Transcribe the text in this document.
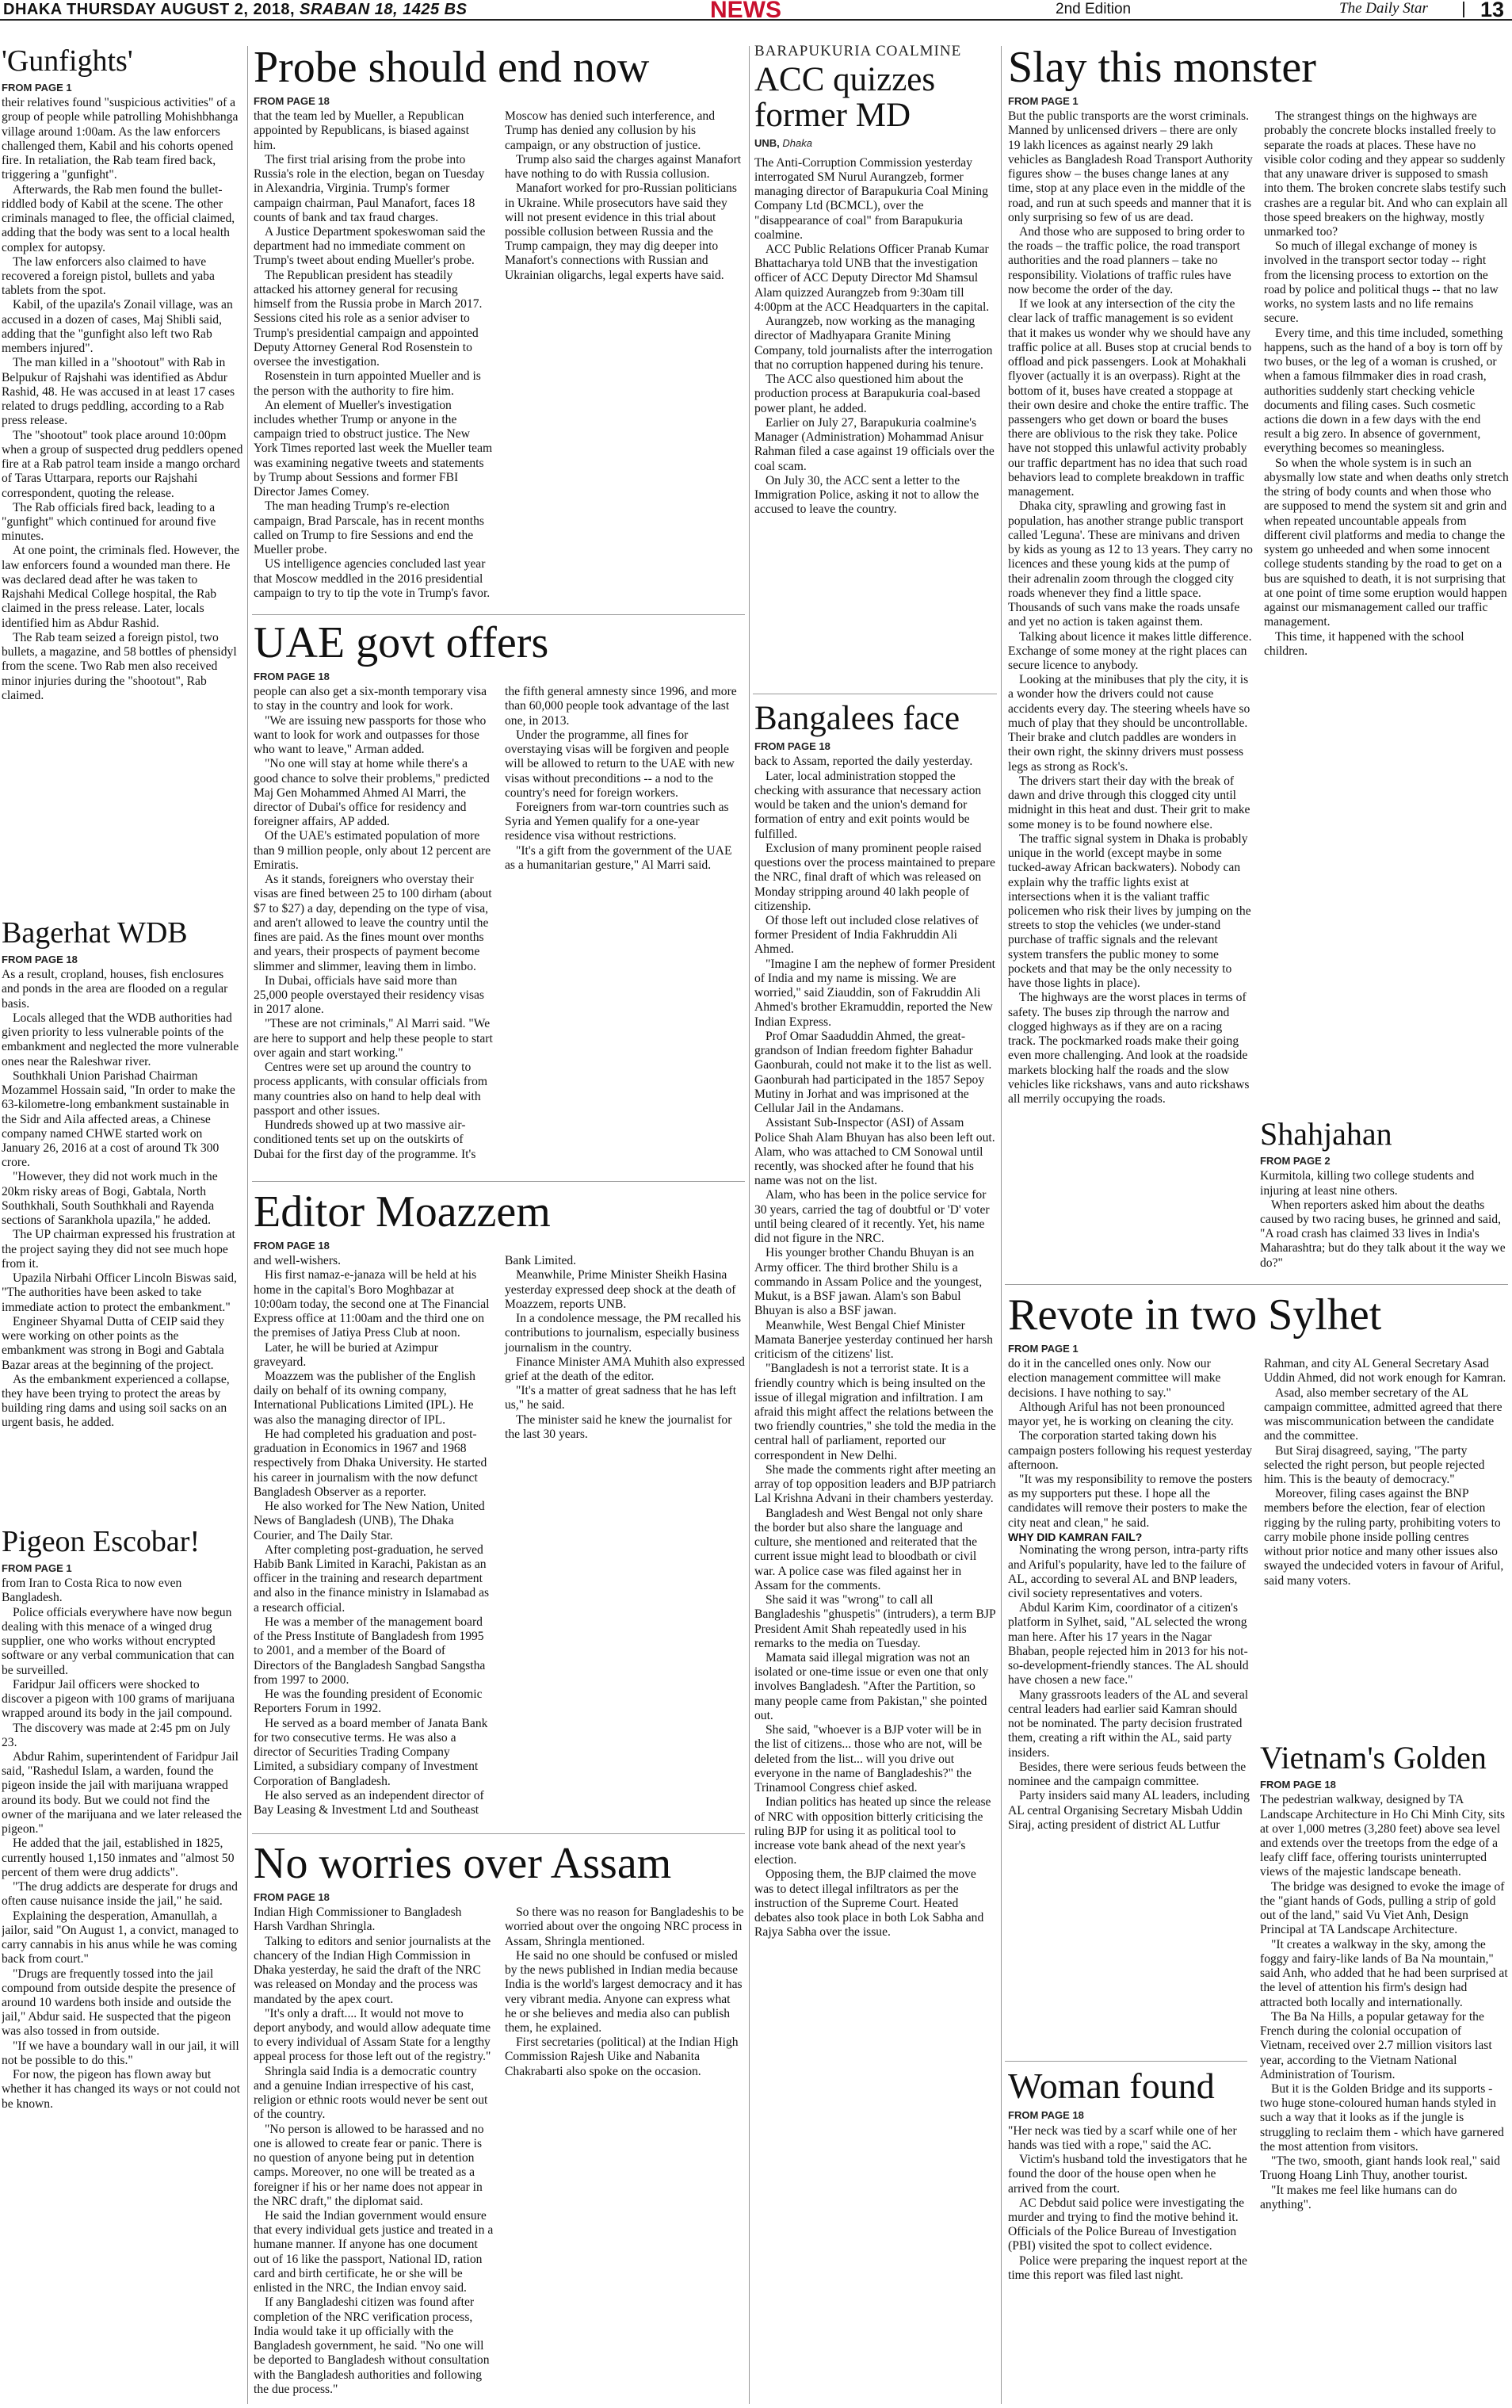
DHAKA THURSDAY AUGUST 2, 2018, SRABAN 18, 1425 BS	NEWS	2nd Edition	The Daily Star 13
'Gunfights'
FROM PAGE 1

their relatives found "suspicious activities" of a group of people while patrolling Mohishbhanga village around 1:00am. As the law enforcers challenged them, Kabil and his cohorts opened fire. In retaliation, the Rab team fired back, triggering a "gunfight".

Afterwards, the Rab men found the bullet-riddled body of Kabil at the scene. The other criminals managed to flee, the official claimed, adding that the body was sent to a local health complex for autopsy.

The law enforcers also claimed to have recovered a foreign pistol, bullets and yaba tablets from the spot.

Kabil, of the upazila's Zonail village, was an accused in a dozen of cases, Maj Shibli said, adding that the "gunfight also left two Rab members injured".

The man killed in a "shootout" with Rab in Belpukur of Rajshahi was identified as Abdur Rashid, 48. He was accused in at least 17 cases related to drugs peddling, according to a Rab press release.

The "shootout" took place around 10:00pm when a group of suspected drug peddlers opened fire at a Rab patrol team inside a mango orchard of Taras Uttarpara, reports our Rajshahi correspondent, quoting the release.

The Rab officials fired back, leading to a "gunfight" which continued for around five minutes.

At one point, the criminals fled. However, the law enforcers found a wounded man there. He was declared dead after he was taken to Rajshahi Medical College hospital, the Rab claimed in the press release. Later, locals identified him as Abdur Rashid.

The Rab team seized a foreign pistol, two bullets, a magazine, and 58 bottles of phensidyl from the scene. Two Rab men also received minor injuries during the "shootout", Rab claimed.

Bagerhat WDB
FROM PAGE 18

As a result, cropland, houses, fish enclosures and ponds in the area are flooded on a regular basis.

Locals alleged that the WDB authorities had given priority to less vulnerable points of the embankment and neglected the more vulnerable ones near the Raleshwar river.

Southkhali Union Parishad Chairman Mozammel Hossain said, "In order to make the 63-kilometre-long embankment sustainable in the Sidr and Aila affected areas, a Chinese company named CHWE started work on January 26, 2016 at a cost of around Tk 300 crore.

"However, they did not work much in the 20km risky areas of Bogi, Gabtala, North Southkhali, South Southkhali and Rayenda sections of Sarankhola upazila," he added.

The UP chairman expressed his frustration at the project saying they did not see much hope from it.

Upazila Nirbahi Officer Lincoln Biswas said, "The authorities have been asked to take immediate action to protect the embankment."

Engineer Shyamal Dutta of CEIP said they were working on other points as the embankment was strong in Bogi and Gabtala Bazar areas at the beginning of the project.

As the embankment experienced a collapse, they have been trying to protect the areas by building ring dams and using soil sacks on an urgent basis, he added.

Pigeon Escobar!
FROM PAGE 1

from Iran to Costa Rica to now even Bangladesh.

Police officials everywhere have now begun dealing with this menace of a winged drug supplier, one who works without encrypted software or any verbal communication that can be surveilled.

Faridpur Jail officers were shocked to discover a pigeon with 100 grams of marijuana wrapped around its body in the jail compound.

The discovery was made at 2:45 pm on July 23.

Abdur Rahim, superintendent of Faridpur Jail said, "Rashedul Islam, a warden, found the pigeon inside the jail with marijuana wrapped around its body. But we could not find the owner of the marijuana and we later released the pigeon."

He added that the jail, established in 1825, currently housed 1,150 inmates and "almost 50 percent of them were drug addicts".

"The drug addicts are desperate for drugs and often cause nuisance inside the jail," he said.

Explaining the desperation, Amanullah, a jailor, said "On August 1, a convict, managed to carry cannabis in his anus while he was coming back from court."

"Drugs are frequently tossed into the jail compound from outside despite the presence of around 10 wardens both inside and outside the jail," Abdur said. He suspected that the pigeon was also tossed in from outside.

"If we have a boundary wall in our jail, it will not be possible to do this."

For now, the pigeon has flown away but whether it has changed its ways or not could not be known.

Probe should end now
FROM PAGE 18

that the team led by Mueller, a Republican appointed by Republicans, is biased against him.

The first trial arising from the probe into Russia's role in the election, began on Tuesday in Alexandria, Virginia. Trump's former campaign chairman, Paul Manafort, faces 18 counts of bank and tax fraud charges.

A Justice Department spokeswoman said the department had no immediate comment on Trump's tweet about ending Mueller's probe.

The Republican president has steadily attacked his attorney general for recusing himself from the Russia probe in March 2017. Sessions cited his role as a senior adviser to Trump's presidential campaign and appointed Deputy Attorney General Rod Rosenstein to oversee the investigation.

Rosenstein in turn appointed Mueller and is the person with the authority to fire him.

An element of Mueller's investigation includes whether Trump or anyone in the campaign tried to obstruct justice. The New York Times reported last week the Mueller team was examining negative tweets and statements by Trump about Sessions and former FBI Director James Comey.

The man heading Trump's re-election campaign, Brad Parscale, has in recent months called on Trump to fire Sessions and end the Mueller probe.

US intelligence agencies concluded last year that Moscow meddled in the 2016 presidential campaign to try to tip the vote in Trump's favor. Moscow has denied such interference, and Trump has denied any collusion by his campaign, or any obstruction of justice.

Trump also said the charges against Manafort have nothing to do with Russia collusion.

Manafort worked for pro-Russian politicians in Ukraine. While prosecutors have said they will not present evidence in this trial about possible collusion between Russia and the Trump campaign, they may dig deeper into Manafort's connections with Russian and Ukrainian oligarchs, legal experts have said.

UAE govt offers
FROM PAGE 18

people can also get a six-month temporary visa to stay in the country and look for work.

"We are issuing new passports for those who want to look for work and outpasses for those who want to leave," Arman added.

"No one will stay at home while there's a good chance to solve their problems," predicted Maj Gen Mohammed Ahmed Al Marri, the director of Dubai's office for residency and foreigner affairs, AP added.

Of the UAE's estimated population of more than 9 million people, only about 12 percent are Emiratis.

As it stands, foreigners who overstay their visas are fined between 25 to 100 dirham (about $7 to $27) a day, depending on the type of visa, and aren't allowed to leave the country until the fines are paid. As the fines mount over months and years, their prospects of payment become slimmer and slimmer, leaving them in limbo.

In Dubai, officials have said more than 25,000 people overstayed their residency visas in 2017 alone.

"These are not criminals," Al Marri said. "We are here to support and help these people to start over again and start working."

Centres were set up around the country to process applicants, with consular officials from many countries also on hand to help deal with passport and other issues.

Hundreds showed up at two massive air-conditioned tents set up on the outskirts of Dubai for the first day of the programme. It's the fifth general amnesty since 1996, and more than 60,000 people took advantage of the last one, in 2013.

Under the programme, all fines for overstaying visas will be forgiven and people will be allowed to return to the UAE with new visas without preconditions -- a nod to the country's need for foreign workers.

Foreigners from war-torn countries such as Syria and Yemen qualify for a one-year residence visa without restrictions.

"It's a gift from the government of the UAE as a humanitarian gesture," Al Marri said.

Editor Moazzem
FROM PAGE 18

and well-wishers.

His first namaz-e-janaza will be held at his home in the capital's Boro Moghbazar at 10:00am today, the second one at The Financial Express office at 11:00am and the third one on the premises of Jatiya Press Club at noon.

Later, he will be buried at Azimpur graveyard.

Moazzem was the publisher of the English daily on behalf of its owning company, International Publications Limited (IPL). He was also the managing director of IPL.

He had completed his graduation and post-graduation in Economics in 1967 and 1968 respectively from Dhaka University. He started his career in journalism with the now defunct Bangladesh Observer as a reporter.

He also worked for The New Nation, United News of Bangladesh (UNB), The Dhaka Courier, and The Daily Star.

After completing post-graduation, he served Habib Bank Limited in Karachi, Pakistan as an officer in the training and research department and also in the finance ministry in Islamabad as a research official.

He was a member of the management board of the Press Institute of Bangladesh from 1995 to 2001, and a member of the Board of Directors of the Bangladesh Sangbad Sangstha from 1997 to 2000.

He was the founding president of Economic Reporters Forum in 1992.

He served as a board member of Janata Bank for two consecutive terms. He was also a director of Securities Trading Company Limited, a subsidiary company of Investment Corporation of Bangladesh.

He also served as an independent director of Bay Leasing & Investment Ltd and Southeast Bank Limited.

Meanwhile, Prime Minister Sheikh Hasina yesterday expressed deep shock at the death of Moazzem, reports UNB.

In a condolence message, the PM recalled his contributions to journalism, especially business journalism in the country.

Finance Minister AMA Muhith also expressed grief at the death of the editor.

"It's a matter of great sadness that he has left us," he said.

The minister said he knew the journalist for the last 30 years.

No worries over Assam
FROM PAGE 18

Indian High Commissioner to Bangladesh Harsh Vardhan Shringla.

Talking to editors and senior journalists at the chancery of the Indian High Commission in Dhaka yesterday, he said the draft of the NRC was released on Monday and the process was mandated by the apex court.

"It's only a draft.... It would not move to deport anybody, and would allow adequate time to every individual of Assam State for a lengthy appeal process for those left out of the registry."

Shringla said India is a democratic country and a genuine Indian irrespective of his cast, religion or ethnic roots would never be sent out of the country.

"No person is allowed to be harassed and no one is allowed to create fear or panic. There is no question of anyone being put in detention camps. Moreover, no one will be treated as a foreigner if his or her name does not appear in the NRC draft," the diplomat said.

He said the Indian government would ensure that every individual gets justice and treated in a humane manner. If anyone has one document out of 16 like the passport, National ID, ration card and birth certificate, he or she will be enlisted in the NRC, the Indian envoy said.

If any Bangladeshi citizen was found after completion of the NRC verification process, India would take it up officially with the Bangladesh government, he said. "No one will be deported to Bangladesh without consultation with the Bangladesh authorities and following the due process."

So there was no reason for Bangladeshis to be worried about over the ongoing NRC process in Assam, Shringla mentioned.

He said no one should be confused or misled by the news published in Indian media because India is the world's largest democracy and it has very vibrant media. Anyone can express what he or she believes and media also can publish them, he explained.

First secretaries (political) at the Indian High Commission Rajesh Uike and Nabanita Chakrabarti also spoke on the occasion.

BARAPUKURIA COALMINE
ACC quizzes former MD
UNB, Dhaka

The Anti-Corruption Commission yesterday interrogated SM Nurul Aurangzeb, former managing director of Barapukuria Coal Mining Company Ltd (BCMCL), over the "disappearance of coal" from Barapukuria coalmine.

ACC Public Relations Officer Pranab Kumar Bhattacharya told UNB that the investigation officer of ACC Deputy Director Md Shamsul Alam quizzed Aurangzeb from 9:30am till 4:00pm at the ACC Headquarters in the capital.

Aurangzeb, now working as the managing director of Madhyapara Granite Mining Company, told journalists after the interrogation that no corruption happened during his tenure.

The ACC also questioned him about the production process at Barapukuria coal-based power plant, he added.

Earlier on July 27, Barapukuria coalmine's Manager (Administration) Mohammad Anisur Rahman filed a case against 19 officials over the coal scam.

On July 30, the ACC sent a letter to the Immigration Police, asking it not to allow the accused to leave the country.

Bangalees face
FROM PAGE 18

back to Assam, reported the daily yesterday.

Later, local administration stopped the checking with assurance that necessary action would be taken and the union's demand for formation of entry and exit points would be fulfilled.

Exclusion of many prominent people raised questions over the process maintained to prepare the NRC, final draft of which was released on Monday stripping around 40 lakh people of citizenship.

Of those left out included close relatives of former President of India Fakhruddin Ali Ahmed.

"Imagine I am the nephew of former President of India and my name is missing. We are worried," said Ziauddin, son of Fakruddin Ali Ahmed's brother Ekramuddin, reported the New Indian Express.

Prof Omar Saaduddin Ahmed, the great-grandson of Indian freedom fighter Bahadur Gaonburah, could not make it to the list as well. Gaonburah had participated in the 1857 Sepoy Mutiny in Jorhat and was imprisoned at the Cellular Jail in the Andamans.

Assistant Sub-Inspector (ASI) of Assam Police Shah Alam Bhuyan has also been left out. Alam, who was attached to CM Sonowal until recently, was shocked after he found that his name was not on the list.

Alam, who has been in the police service for 30 years, carried the tag of doubtful or 'D' voter until being cleared of it recently. Yet, his name did not figure in the NRC.

His younger brother Chandu Bhuyan is an Army officer. The third brother Shilu is a commando in Assam Police and the youngest, Mukut, is a BSF jawan. Alam's son Babul Bhuyan is also a BSF jawan.

Meanwhile, West Bengal Chief Minister Mamata Banerjee yesterday continued her harsh criticism of the citizens' list.

"Bangladesh is not a terrorist state. It is a friendly country which is being insulted on the issue of illegal migration and infiltration. I am afraid this might affect the relations between the two friendly countries," she told the media in the central hall of parliament, reported our correspondent in New Delhi.

She made the comments right after meeting an array of top opposition leaders and BJP patriarch Lal Krishna Advani in their chambers yesterday.

Bangladesh and West Bengal not only share the border but also share the language and culture, she mentioned and reiterated that the current issue might lead to bloodbath or civil war. A police case was filed against her in Assam for the comments.

She said it was "wrong" to call all Bangladeshis "ghuspetis" (intruders), a term BJP President Amit Shah repeatedly used in his remarks to the media on Tuesday.

Mamata said illegal migration was not an isolated or one-time issue or even one that only involves Bangladesh. "After the Partition, so many people came from Pakistan," she pointed out.

She said, "whoever is a BJP voter will be in the list of citizens... those who are not, will be deleted from the list... will you drive out everyone in the name of Bangladeshis?" the Trinamool Congress chief asked.

Indian politics has heated up since the release of NRC with opposition bitterly criticising the ruling BJP for using it as political tool to increase vote bank ahead of the next year's election.

Opposing them, the BJP claimed the move was to detect illegal infiltrators as per the instruction of the Supreme Court. Heated debates also took place in both Lok Sabha and Rajya Sabha over the issue.

Slay this monster
FROM PAGE 1

But the public transports are the worst criminals. Manned by unlicensed drivers – there are only 19 lakh licences as against nearly 29 lakh vehicles as Bangladesh Road Transport Authority figures show – the buses change lanes at any time, stop at any place even in the middle of the road, and run at such speeds and manner that it is only surprising so few of us are dead.

And those who are supposed to bring order to the roads – the traffic police, the road transport authorities and the road planners – take no responsibility. Violations of traffic rules have now become the order of the day.

If we look at any intersection of the city the clear lack of traffic management is so evident that it makes us wonder why we should have any traffic police at all. Buses stop at crucial bends to offload and pick passengers. Look at Mohakhali flyover (actually it is an overpass). Right at the bottom of it, buses have created a stoppage at their own desire and choke the entire traffic. The passengers who get down or board the buses there are oblivious to the risk they take. Police have not stopped this unlawful activity probably our traffic department has no idea that such road behaviors lead to complete breakdown in traffic management.

Dhaka city, sprawling and growing fast in population, has another strange public transport called 'Leguna'. These are minivans and driven by kids as young as 12 to 13 years. They carry no licences and these young kids at the pump of their adrenalin zoom through the clogged city roads whenever they find a little space. Thousands of such vans make the roads unsafe and yet no action is taken against them.

Talking about licence it makes little difference. Exchange of some money at the right places can secure licence to anybody.

Looking at the minibuses that ply the city, it is a wonder how the drivers could not cause accidents every day. The steering wheels have so much of play that they should be uncontrollable. Their brake and clutch paddles are wonders in their own right, the skinny drivers must possess legs as strong as Rock's.

The drivers start their day with the break of dawn and drive through this clogged city until midnight in this heat and dust. Their grit to make some money is to be found nowhere else.

The traffic signal system in Dhaka is probably unique in the world (except maybe in some tucked-away African backwaters). Nobody can explain why the traffic lights exist at intersections when it is the valiant traffic policemen who risk their lives by jumping on the streets to stop the vehicles (we under-stand purchase of traffic signals and the relevant system transfers the public money to some pockets and that may be the only necessity to have those lights in place).

The highways are the worst places in terms of safety. The buses zip through the narrow and clogged highways as if they are on a racing track. The pockmarked roads make their going even more challenging. And look at the roadside markets blocking half the roads and the slow vehicles like rickshaws, vans and auto rickshaws all merrily occupying the roads.

The strangest things on the highways are probably the concrete blocks installed freely to separate the roads at places. These have no visible color coding and they appear so suddenly that any unaware driver is supposed to smash into them. The broken concrete slabs testify such crashes are a regular bit. And who can explain all those speed breakers on the highway, mostly unmarked too?

So much of illegal exchange of money is involved in the transport sector today -- right from the licensing process to extortion on the road by police and political thugs -- that no law works, no system lasts and no life remains secure.

Every time, and this time included, something happens, such as the hand of a boy is torn off by two buses, or the leg of a woman is crushed, or when a famous filmmaker dies in road crash, authorities suddenly start checking vehicle documents and filing cases. Such cosmetic actions die down in a few days with the end result a big zero. In absence of government, everything becomes so meaningless.

So when the whole system is in such an abysmally low state and when deaths only stretch the string of body counts and when those who are supposed to mend the system sit and grin and when repeated uncountable appeals from different civil platforms and media to change the system go unheeded and when some innocent college students standing by the road to get on a bus are squished to death, it is not surprising that at one point of time some eruption would happen against our mismanagement called our traffic management.

This time, it happened with the school children.

Shahjahan
FROM PAGE 2

Kurmitola, killing two college students and injuring at least nine others.

When reporters asked him about the deaths caused by two racing buses, he grinned and said, "A road crash has claimed 33 lives in India's Maharashtra; but do they talk about it the way we do?"

Revote in two Sylhet
FROM PAGE 1

do it in the cancelled ones only. Now our election management committee will make decisions. I have nothing to say."

Although Ariful has not been pronounced mayor yet, he is working on cleaning the city.

The corporation started taking down his campaign posters following his request yesterday afternoon.

"It was my responsibility to remove the posters as my supporters put these. I hope all the candidates will remove their posters to make the city neat and clean," he said.

WHY DID KAMRAN FAIL?

Nominating the wrong person, intra-party rifts and Ariful's popularity, have led to the failure of AL, according to several AL and BNP leaders, civil society representatives and voters.

Abdul Karim Kim, coordinator of a citizen's platform in Sylhet, said, "AL selected the wrong man here. After his 17 years in the Nagar Bhaban, people rejected him in 2013 for his not-so-development-friendly stances. The AL should have chosen a new face."

Many grassroots leaders of the AL and several central leaders had earlier said Kamran should not be nominated. The party decision frustrated them, creating a rift within the AL, said party insiders.

Besides, there were serious feuds between the nominee and the campaign committee.

Party insiders said many AL leaders, including AL central Organising Secretary Misbah Uddin Siraj, acting president of district AL Lutfur Rahman, and city AL General Secretary Asad Uddin Ahmed, did not work enough for Kamran.

Asad, also member secretary of the AL campaign committee, admitted agreed that there was miscommunication between the candidate and the committee.

But Siraj disagreed, saying, "The party selected the right person, but people rejected him. This is the beauty of democracy."

Moreover, filing cases against the BNP members before the election, fear of election rigging by the ruling party, prohibiting voters to carry mobile phone inside polling centres without prior notice and many other issues also swayed the undecided voters in favour of Ariful, said many voters.

Woman found
FROM PAGE 18

"Her neck was tied by a scarf while one of her hands was tied with a rope," said the AC.

Victim's husband told the investigators that he found the door of the house open when he arrived from the court.

AC Debdut said police were investigating the murder and trying to find the motive behind it. Officials of the Police Bureau of Investigation (PBI) visited the spot to collect evidence.

Police were preparing the inquest report at the time this report was filed last night.

Vietnam's Golden
FROM PAGE 18

The pedestrian walkway, designed by TA Landscape Architecture in Ho Chi Minh City, sits at over 1,000 metres (3,280 feet) above sea level and extends over the treetops from the edge of a leafy cliff face, offering tourists uninterrupted views of the majestic landscape beneath.

The bridge was designed to evoke the image of the "giant hands of Gods, pulling a strip of gold out of the land," said Vu Viet Anh, Design Principal at TA Landscape Architecture.

"It creates a walkway in the sky, among the foggy and fairy-like lands of Ba Na mountain," said Anh, who added that he had been surprised at the level of attention his firm's design had attracted both locally and internationally.

The Ba Na Hills, a popular getaway for the French during the colonial occupation of Vietnam, received over 2.7 million visitors last year, according to the Vietnam National Administration of Tourism.

But it is the Golden Bridge and its supports - two huge stone-coloured human hands styled in such a way that it looks as if the jungle is struggling to reclaim them - which have garnered the most attention from visitors.

"The two, smooth, giant hands look real," said Truong Hoang Linh Thuy, another tourist.

"It makes me feel like humans can do anything".
